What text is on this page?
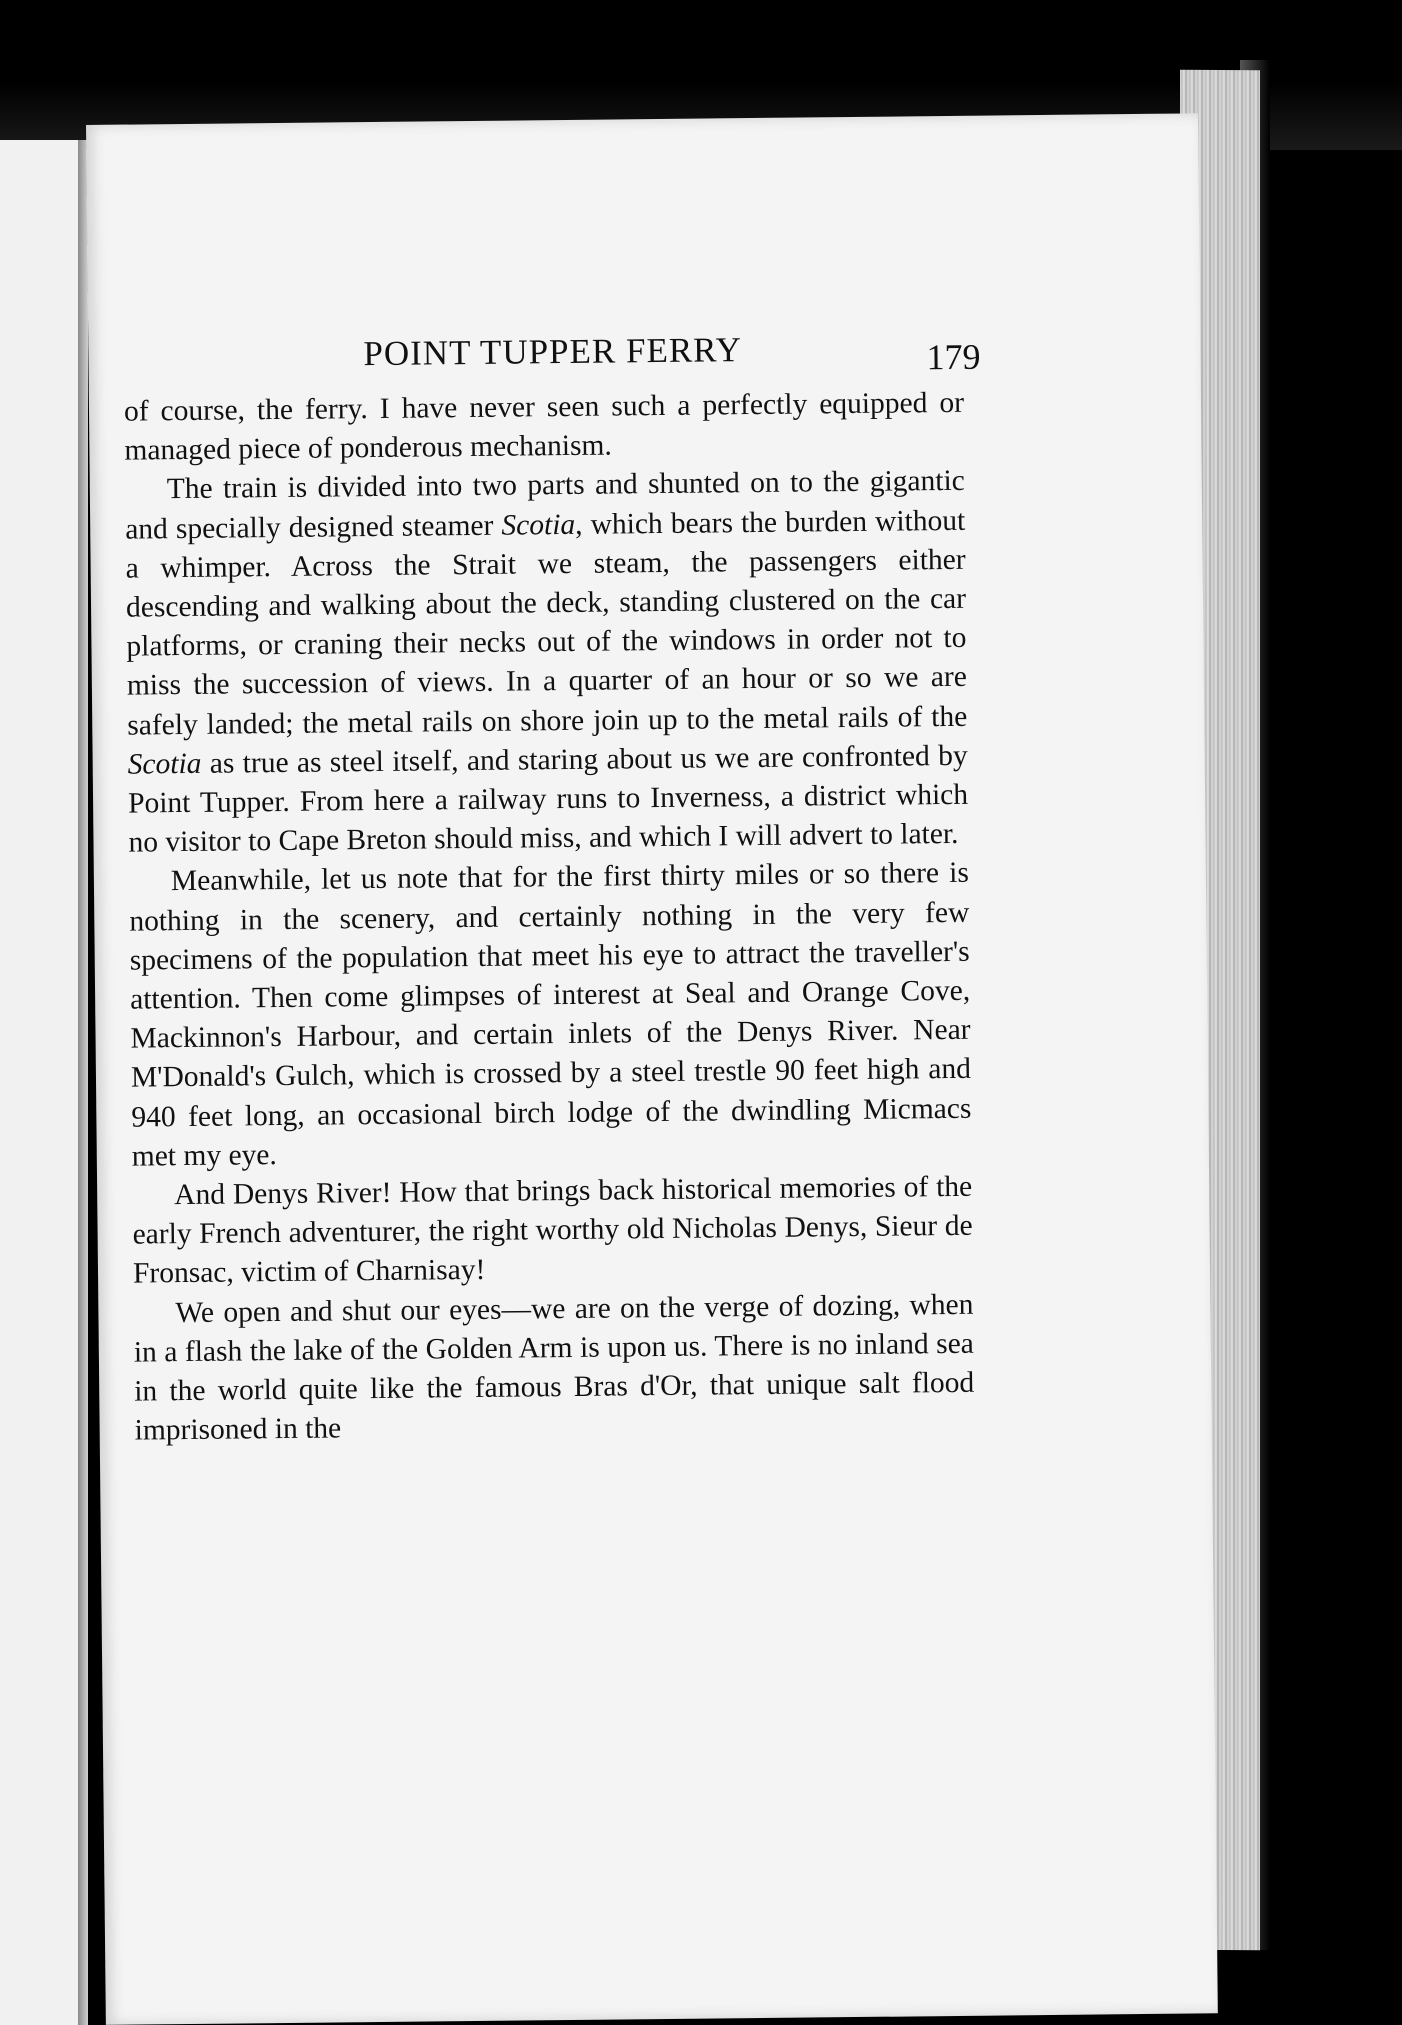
POINT TUPPER FERRY	179

of course, the ferry. I have never seen such a perfectly equipped or managed piece of ponderous mechanism.

The train is divided into two parts and shunted on to the gigantic and specially designed steamer Scotia, which bears the burden without a whimper. Across the Strait we steam, the passengers either descending and walking about the deck, standing clustered on the car platforms, or craning their necks out of the windows in order not to miss the succession of views. In a quarter of an hour or so we are safely landed; the metal rails on shore join up to the metal rails of the Scotia as true as steel itself, and staring about us we are confronted by Point Tupper. From here a railway runs to Inverness, a district which no visitor to Cape Breton should miss, and which I will advert to later.

Meanwhile, let us note that for the first thirty miles or so there is nothing in the scenery, and certainly nothing in the very few specimens of the population that meet his eye to attract the traveller's attention. Then come glimpses of interest at Seal and Orange Cove, Mackinnon's Harbour, and certain inlets of the Denys River. Near M'Donald's Gulch, which is crossed by a steel trestle 90 feet high and 940 feet long, an occasional birch lodge of the dwindling Micmacs met my eye.

And Denys River! How that brings back historical memories of the early French adventurer, the right worthy old Nicholas Denys, Sieur de Fronsac, victim of Charnisay!

We open and shut our eyes—we are on the verge of dozing, when in a flash the lake of the Golden Arm is upon us. There is no inland sea in the world quite like the famous Bras d'Or, that unique salt flood imprisoned in the
